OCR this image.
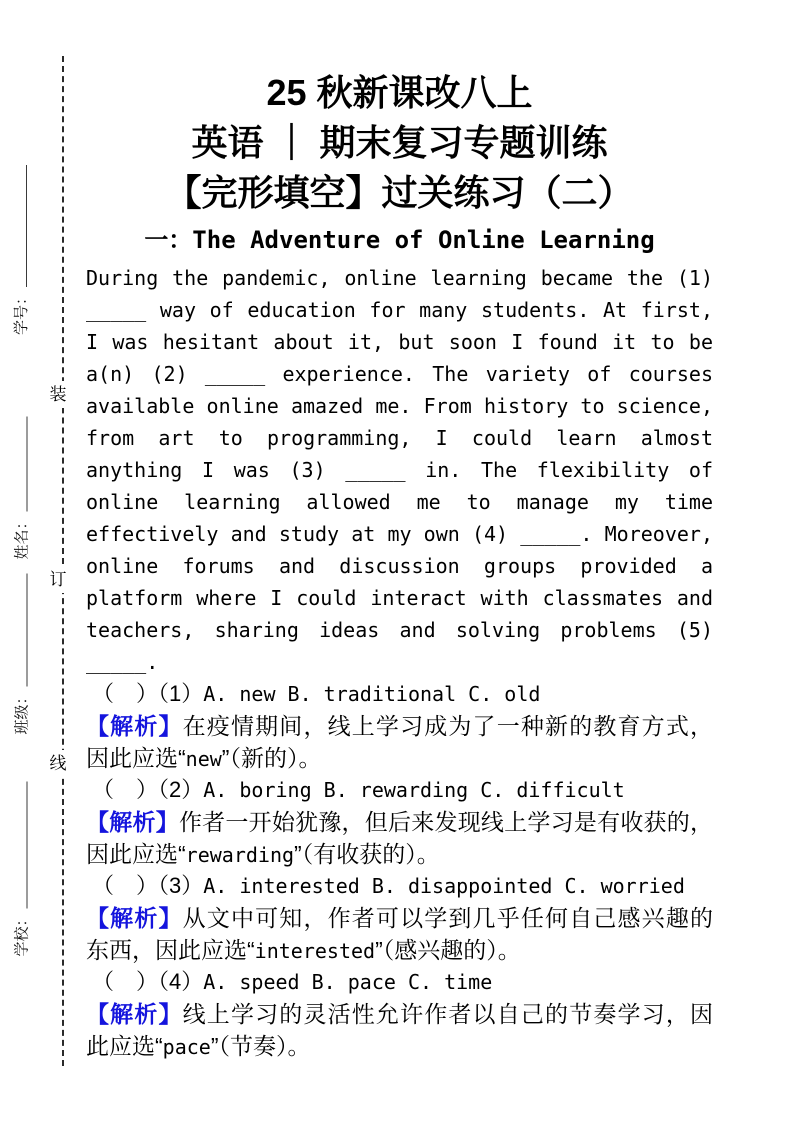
装
订
线
学号：
姓名：
班级：
学校：
25 秋新课改八上
英语 ｜ 期末复习专题训练
【完形填空】过关练习（二）
一：The Adventure of Online Learning
During the pandemic, online learning became the (1)
_____ way of education for many students. At first,
I was hesitant about it, but soon I found it to be
a(n) (2) _____ experience. The variety of courses
available online amazed me. From history to science,
from art to programming, I could learn almost
anything I was (3) _____ in. The flexibility of
online learning allowed me to manage my time
effectively and study at my own (4) _____. Moreover,
online forums and discussion groups provided a
platform where I could interact with classmates and
teachers, sharing ideas and solving problems (5)
_____.
（　）（1）A. new B. traditional C. old
【解析】在疫情期间，线上学习成为了一种新的教育方式，
因此应选“new”（新的）。
（　）（2）A. boring B. rewarding C. difficult
【解析】作者一开始犹豫，但后来发现线上学习是有收获的，
因此应选“rewarding”（有收获的）。
（　）（3）A. interested B. disappointed C. worried
【解析】从文中可知，作者可以学到几乎任何自己感兴趣的
东西，因此应选“interested”（感兴趣的）。
（　）（4）A. speed B. pace C. time
【解析】线上学习的灵活性允许作者以自己的节奏学习，因
此应选“pace”（节奏）。
